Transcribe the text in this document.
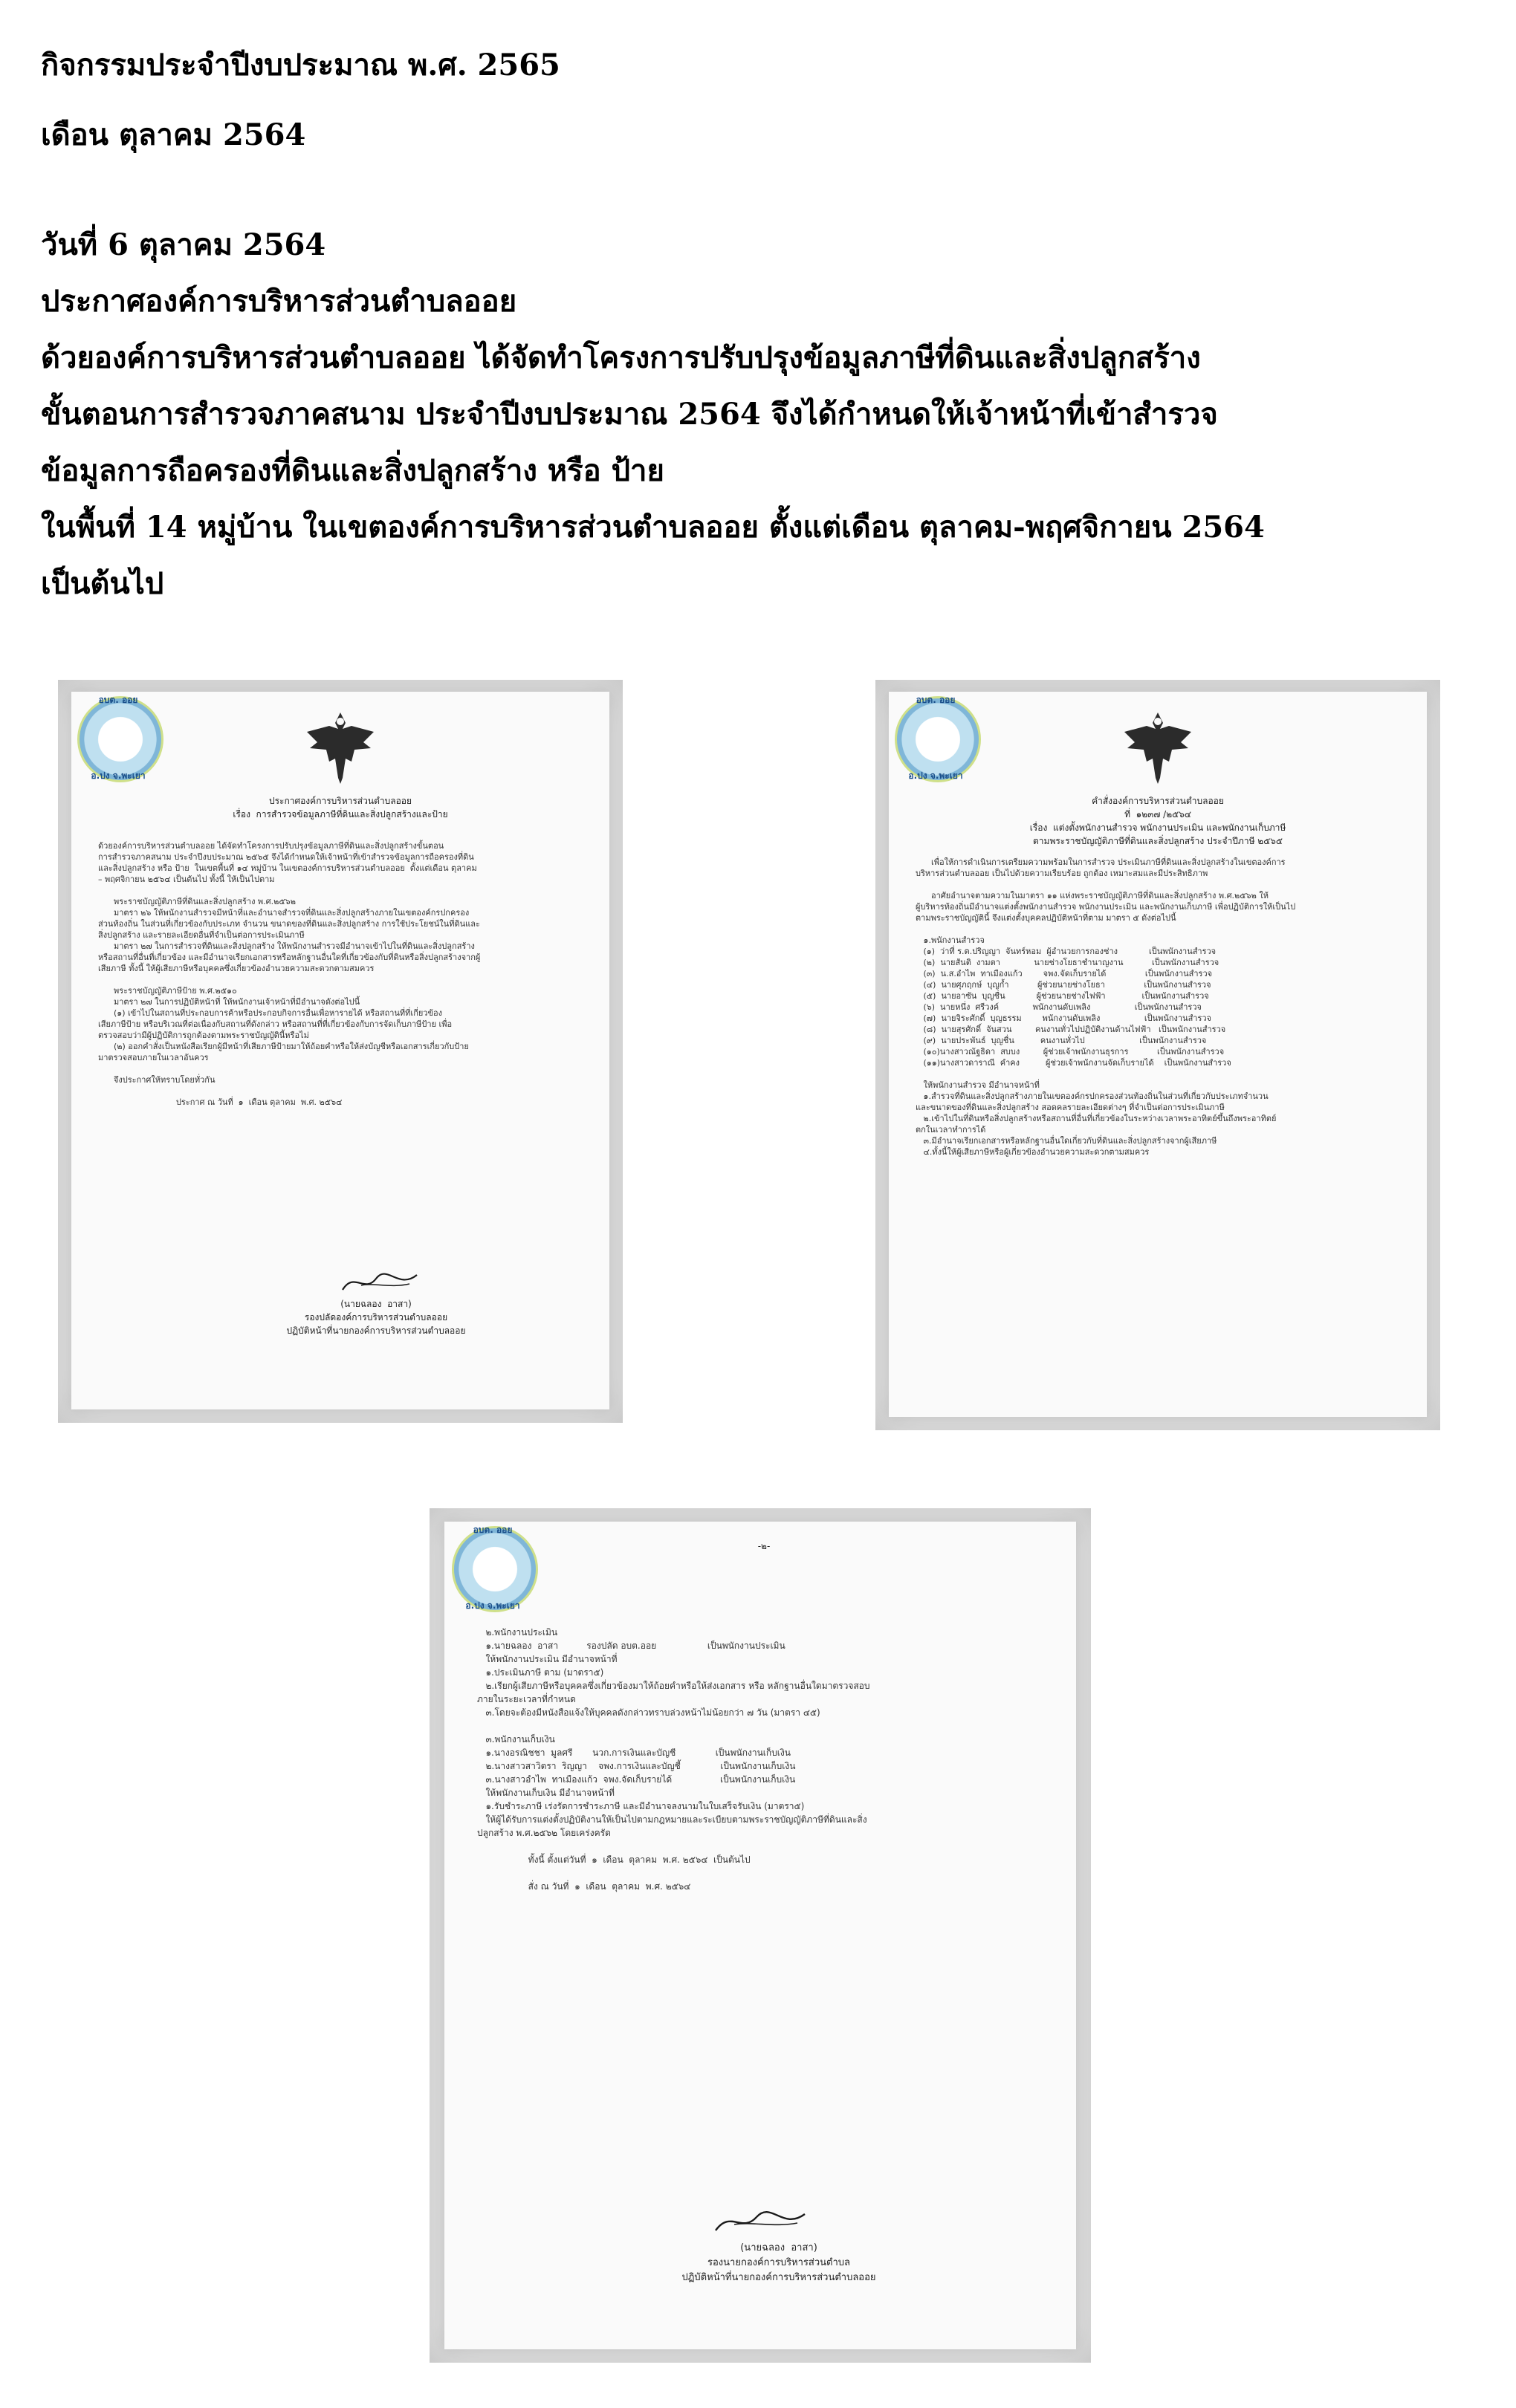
กิจกรรมประจำปีงบประมาณ พ.ศ. 2565
เดือน ตุลาคม 2564
วันที่ 6 ตุลาคม 2564
ประกาศองค์การบริหารส่วนตำบลออย
ด้วยองค์การบริหารส่วนตำบลออย ได้จัดทำโครงการปรับปรุงข้อมูลภาษีที่ดินและสิ่งปลูกสร้าง
ขั้นตอนการสำรวจภาคสนาม ประจำปีงบประมาณ 2564 จึงได้กำหนดให้เจ้าหน้าที่เข้าสำรวจ
ข้อมูลการถือครองที่ดินและสิ่งปลูกสร้าง หรือ ป้าย
ในพื้นที่ 14 หมู่บ้าน ในเขตองค์การบริหารส่วนตำบลออย ตั้งแต่เดือน ตุลาคม-พฤศจิกายน 2564
เป็นต้นไป
อบต. ออย
อ.ปง จ.พะเยา
ประกาศองค์การบริหารส่วนตำบลออย
เรื่อง  การสำรวจข้อมูลภาษีที่ดินและสิ่งปลูกสร้างและป้าย
ด้วยองค์การบริหารส่วนตำบลออย ได้จัดทำโครงการปรับปรุงข้อมูลภาษีที่ดินและสิ่งปลูกสร้างขั้นตอน
การสำรวจภาคสนาม ประจำปีงบประมาณ ๒๕๖๕ จึงได้กำหนดให้เจ้าหน้าที่เข้าสำรวจข้อมูลการถือครองที่ดิน
และสิ่งปลูกสร้าง หรือ ป้าย  ในเขตพื้นที่ ๑๔ หมู่บ้าน ในเขตองค์การบริหารส่วนตำบลออย  ตั้งแต่เดือน ตุลาคม
– พฤศจิกายน ๒๕๖๔ เป็นต้นไป ทั้งนี้ ให้เป็นไปตาม

พระราชบัญญัติภาษีที่ดินและสิ่งปลูกสร้าง พ.ศ.๒๕๖๒
มาตรา ๒๖ ให้พนักงานสำรวจมีหน้าที่และอำนาจสำรวจที่ดินและสิ่งปลูกสร้างภายในเขตองค์กรปกครอง
ส่วนท้องถิ่น ในส่วนที่เกี่ยวข้องกับประเภท จำนวน ขนาดของที่ดินและสิ่งปลูกสร้าง การใช้ประโยชน์ในที่ดินและ
สิ่งปลูกสร้าง และรายละเอียดอื่นที่จำเป็นต่อการประเมินภาษี
มาตรา ๒๗ ในการสำรวจที่ดินและสิ่งปลูกสร้าง ให้พนักงานสำรวจมีอำนาจเข้าไปในที่ดินและสิ่งปลูกสร้าง
หรือสถานที่อื่นที่เกี่ยวข้อง และมีอำนาจเรียกเอกสารหรือหลักฐานอื่นใดที่เกี่ยวข้องกับที่ดินหรือสิ่งปลูกสร้างจากผู้
เสียภาษี ทั้งนี้ ให้ผู้เสียภาษีหรือบุคคลซึ่งเกี่ยวข้องอำนวยความสะดวกตามสมควร

พระราชบัญญัติภาษีป้าย พ.ศ.๒๕๑๐
มาตรา ๒๗ ในการปฏิบัติหน้าที่ ให้พนักงานเจ้าหน้าที่มีอำนาจดังต่อไปนี้
(๑) เข้าไปในสถานที่ประกอบการค้าหรือประกอบกิจการอื่นเพื่อหารายได้ หรือสถานที่ที่เกี่ยวข้อง
เสียภาษีป้าย หรือบริเวณที่ต่อเนื่องกับสถานที่ดังกล่าว หรือสถานที่ที่เกี่ยวข้องกับการจัดเก็บภาษีป้าย เพื่อ
ตรวจสอบว่ามีผู้ปฏิบัติการถูกต้องตามพระราชบัญญัตินี้หรือไม่
(๒) ออกคำสั่งเป็นหนังสือเรียกผู้มีหน้าที่เสียภาษีป้ายมาให้ถ้อยคำหรือให้ส่งบัญชีหรือเอกสารเกี่ยวกับป้าย
มาตรวจสอบภายในเวลาอันควร

จึงประกาศให้ทราบโดยทั่วกัน

ประกาศ ณ วันที่  ๑  เดือน ตุลาคม  พ.ศ. ๒๕๖๔
(นายฉลอง  อาสา)
รองปลัดองค์การบริหารส่วนตำบลออย
ปฏิบัติหน้าที่นายกองค์การบริหารส่วนตำบลออย
อบต. ออย
อ.ปง จ.พะเยา
คำสั่งองค์การบริหารส่วนตำบลออย
ที่  ๑๒๓๗ /๒๕๖๔
เรื่อง  แต่งตั้งพนักงานสำรวจ พนักงานประเมิน และพนักงานเก็บภาษี
ตามพระราชบัญญัติภาษีที่ดินและสิ่งปลูกสร้าง ประจำปีภาษี ๒๕๖๕
เพื่อให้การดำเนินการเตรียมความพร้อมในการสำรวจ ประเมินภาษีที่ดินและสิ่งปลูกสร้างในเขตองค์การ
บริหารส่วนตำบลออย เป็นไปด้วยความเรียบร้อย ถูกต้อง เหมาะสมและมีประสิทธิภาพ

อาศัยอำนาจตามความในมาตรา ๑๑ แห่งพระราชบัญญัติภาษีที่ดินและสิ่งปลูกสร้าง พ.ศ.๒๕๖๒ ให้
ผู้บริหารท้องถิ่นมีอำนาจแต่งตั้งพนักงานสำรวจ พนักงานประเมิน และพนักงานเก็บภาษี เพื่อปฏิบัติการให้เป็นไป
ตามพระราชบัญญัตินี้ จึงแต่งตั้งบุคคลปฏิบัติหน้าที่ตาม มาตรา ๕ ดังต่อไปนี้

๑.พนักงานสำรวจ
(๑)  ว่าที่ ร.ต.ปริญญา  จันทร์หอม  ผู้อำนวยการกองช่าง            เป็นพนักงานสำรวจ
(๒)  นายสันติ  งามตา             นายช่างโยธาชำนาญงาน           เป็นพนักงานสำรวจ
(๓)  น.ส.อำไพ  ทาเมืองแก้ว        จพง.จัดเก็บรายได้               เป็นพนักงานสำรวจ
(๔)  นายศุภฤกษ์  บุญก้ำ           ผู้ช่วยนายช่างโยธา               เป็นพนักงานสำรวจ
(๕)  นายอาซัน  บุญชื่น            ผู้ช่วยนายช่างไฟฟ้า              เป็นพนักงานสำรวจ
(๖)  นายหนึ่ง  ศรีวงค์             พนักงานดับเพลิง                 เป็นพนักงานสำรวจ
(๗)  นายจิระศักดิ์  บุญธรรม        พนักงานดับเพลิง                 เป็นพนักงานสำรวจ
(๘)  นายสุรศักดิ์  จันสวน         คนงานทั่วไปปฏิบัติงานด้านไฟฟ้า   เป็นพนักงานสำรวจ
(๙)  นายประพันธ์  บุญชื่น          คนงานทั่วไป                     เป็นพนักงานสำรวจ
(๑๐)นางสาวณัฐธิดา  สบบง         ผู้ช่วยเจ้าพนักงานธุรการ           เป็นพนักงานสำรวจ
(๑๑)นางสาวดาราณี  คำคง          ผู้ช่วยเจ้าพนักงานจัดเก็บรายได้    เป็นพนักงานสำรวจ

ให้พนักงานสำรวจ มีอำนาจหน้าที่
๑.สำรวจที่ดินและสิ่งปลูกสร้างภายในเขตองค์กรปกครองส่วนท้องถิ่นในส่วนที่เกี่ยวกับประเภทจำนวน
และขนาดของที่ดินและสิ่งปลูกสร้าง สอดคลรายละเอียดต่างๆ ที่จำเป็นต่อการประเมินภาษี
๒.เข้าไปในที่ดินหรือสิ่งปลูกสร้างหรือสถานที่อื่นที่เกี่ยวข้องในระหว่างเวลาพระอาทิตย์ขึ้นถึงพระอาทิตย์
ตกในเวลาทำการได้
๓.มีอำนาจเรียกเอกสารหรือหลักฐานอื่นใดเกี่ยวกับที่ดินและสิ่งปลูกสร้างจากผู้เสียภาษี
๔.ทั้งนี้ให้ผู้เสียภาษีหรือผู้เกี่ยวข้องอำนวยความสะดวกตามสมควร
อบต. ออย
อ.ปง จ.พะเยา
-๒-
๒.พนักงานประเมิน
๑.นายฉลอง  อาสา          รองปลัด อบต.ออย                  เป็นพนักงานประเมิน
ให้พนักงานประเมิน มีอำนาจหน้าที่
๑.ประเมินภาษี ตาม (มาตรา๕)
๒.เรียกผู้เสียภาษีหรือบุคคลซึ่งเกี่ยวข้องมาให้ถ้อยคำหรือให้ส่งเอกสาร หรือ หลักฐานอื่นใดมาตรวจสอบ
ภายในระยะเวลาที่กำหนด
๓.โดยจะต้องมีหนังสือแจ้งให้บุคคลดังกล่าวทราบล่วงหน้าไม่น้อยกว่า ๗ วัน (มาตรา ๔๕)

๓.พนักงานเก็บเงิน
๑.นางอรณิชชา  มูลศรี       นวก.การเงินและบัญชี              เป็นพนักงานเก็บเงิน
๒.นางสาวสาวิตรา  ริญญา    จพง.การเงินและบัญชี้              เป็นพนักงานเก็บเงิน
๓.นางสาวอำไพ  ทาเมืองแก้ว  จพง.จัดเก็บรายได้                 เป็นพนักงานเก็บเงิน
ให้พนักงานเก็บเงิน มีอำนาจหน้าที่
๑.รับชำระภาษี เร่งรัดการชำระภาษี และมีอำนาจลงนามในใบเสร็จรับเงิน (มาตรา๕)
ให้ผู้ได้รับการแต่งตั้งปฏิบัติงานให้เป็นไปตามกฎหมายและระเบียบตามพระราชบัญญัติภาษีที่ดินและสิ่ง
ปลูกสร้าง พ.ศ.๒๕๖๒ โดยเคร่งครัด

ทั้งนี้ ตั้งแต่วันที่  ๑  เดือน  ตุลาคม  พ.ศ. ๒๕๖๔  เป็นต้นไป

สั่ง ณ วันที่  ๑  เดือน  ตุลาคม  พ.ศ. ๒๕๖๔
(นายฉลอง  อาสา)
รองนายกองค์การบริหารส่วนตำบล
ปฏิบัติหน้าที่นายกองค์การบริหารส่วนตำบลออย
